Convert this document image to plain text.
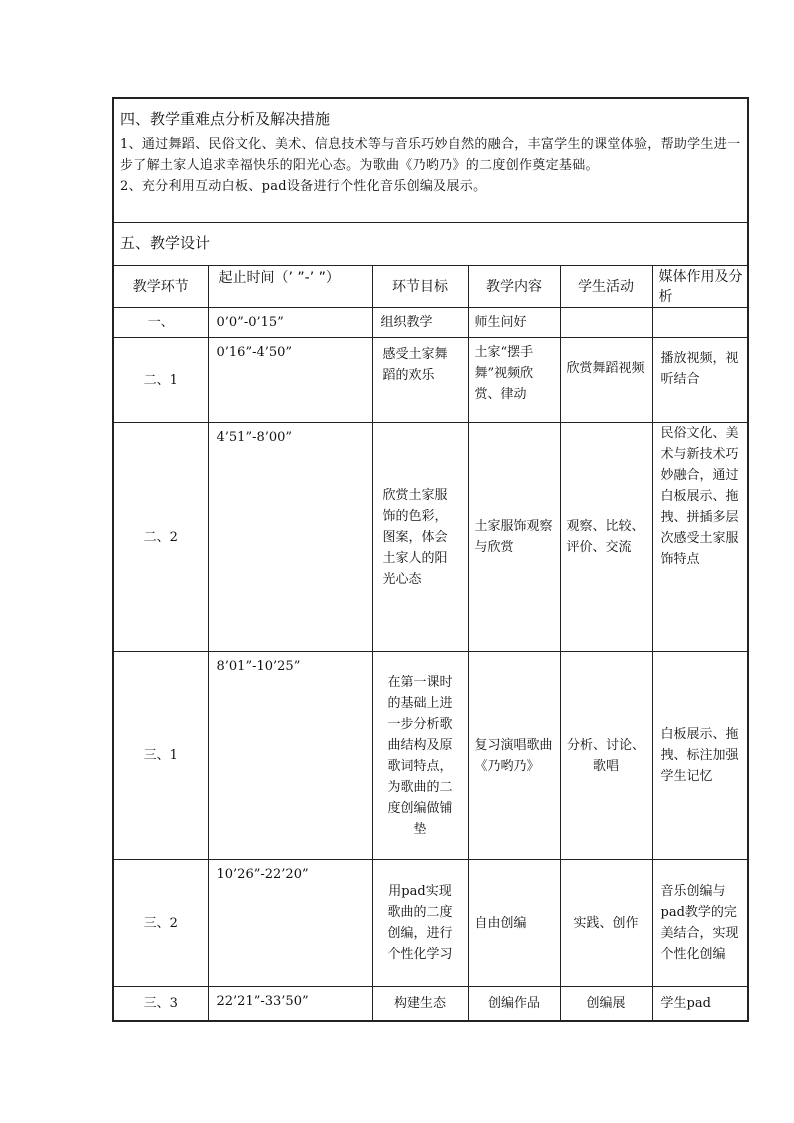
四、教学重难点分析及解决措施
1、通过舞蹈、民俗文化、美术、信息技术等与音乐巧妙自然的融合，丰富学生的课堂体验，帮助学生进一步了解土家人追求幸福快乐的阳光心态。为歌曲《乃哟乃》的二度创作奠定基础。
2、充分利用互动白板、pad设备进行个性化音乐创编及展示。					

五、教学设计					

教学环节	起止时间（’ ”-’ ”）	环节目标	教学内容	学生活动	媒体作用及分析
一、	0’0”-0’15”	组织教学	师生问好		
二、1	0’16”-4’50”	感受土家舞蹈的欢乐	土家“摆手舞”视频欣赏、律动	欣赏舞蹈视频	播放视频，视听结合
二、2	4’51”-8’00”	欣赏土家服饰的色彩，图案，体会土家人的阳光心态	土家服饰观察与欣赏	观察、比较、评价、交流	民俗文化、美术与新技术巧妙融合，通过白板展示、拖拽、拼插多层次感受土家服饰特点
三、1	8’01”-10’25”	在第一课时的基础上进一步分析歌曲结构及原歌词特点，为歌曲的二度创编做铺垫	复习演唱歌曲《乃哟乃》	分析、讨论、歌唱	白板展示、拖拽、标注加强学生记忆
三、2	10’26”-22’20”	用pad实现歌曲的二度创编，进行个性化学习	自由创编	实践、创作	音乐创编与pad教学的完美结合，实现个性化创编
三、3	22’21”-33’50”	构建生态	创编作品	创编展	学生pad
